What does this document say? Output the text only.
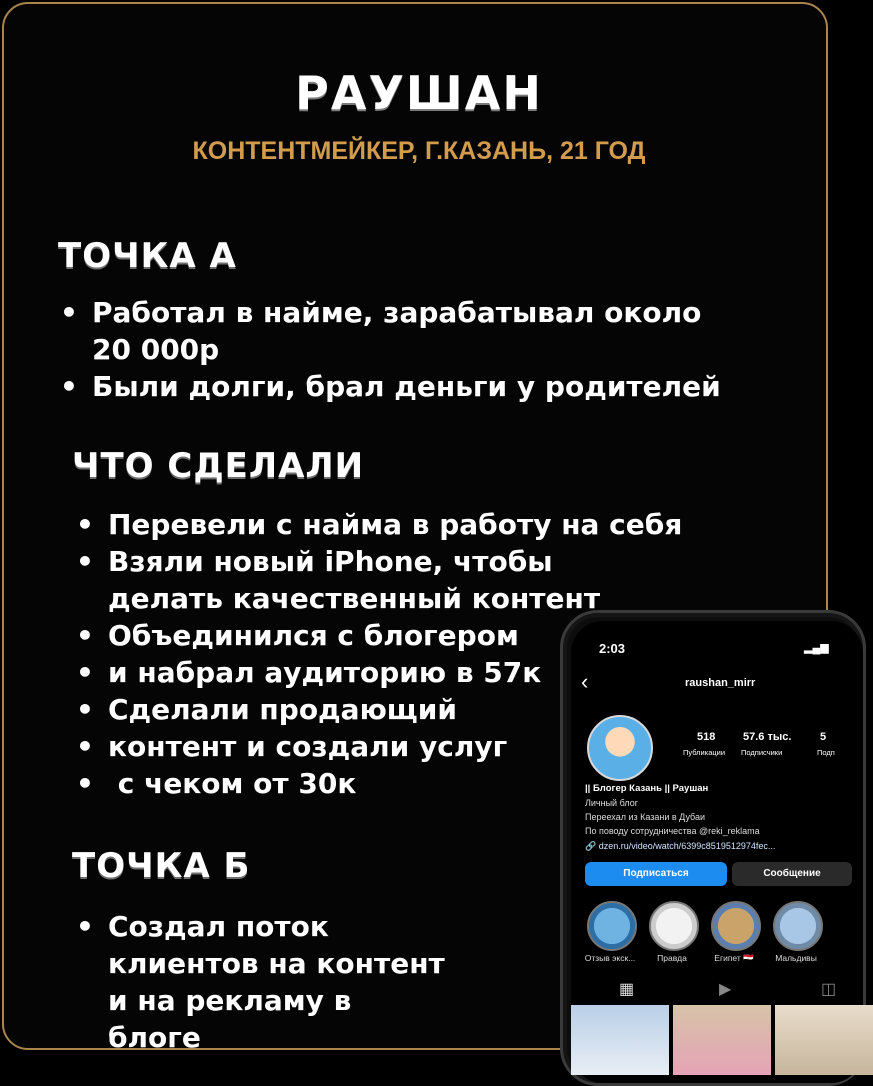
РАУШАН
КОНТЕНТМЕЙКЕР, Г.КАЗАНЬ, 21 ГОД
ТОЧКА А
• Работал в найме, зарабатывал около 20 000р
• Были долги, брал деньги у родителей
ЧТО СДЕЛАЛИ
• Перевели с найма в работу на себя
• Взяли новый iPhone, чтобы делать качественный контент
• Объединился с блогером
• и набрал аудиторию в 57к
• Сделали продающий
• контент и создали услуг
•  с чеком от 30к
ТОЧКА Б
• Создал поток клиентов на контент и на рекламу в блоге
2:03	▂▄▆
‹	raushan_mirr
518
Публикации
57.6 тыс.
Подписчики
5
Подп
|| Блогер Казань || Раушан
Личный блог
Переехал из Казани в Дубаи
По поводу сотрудничества @reki_reklama
🔗 dzen.ru/video/watch/6399c8519512974fec...
Подписаться	Сообщение
Отзыв экск...	Правда	Египет 🇪🇬	Мальдивы
▦	▶	◫
